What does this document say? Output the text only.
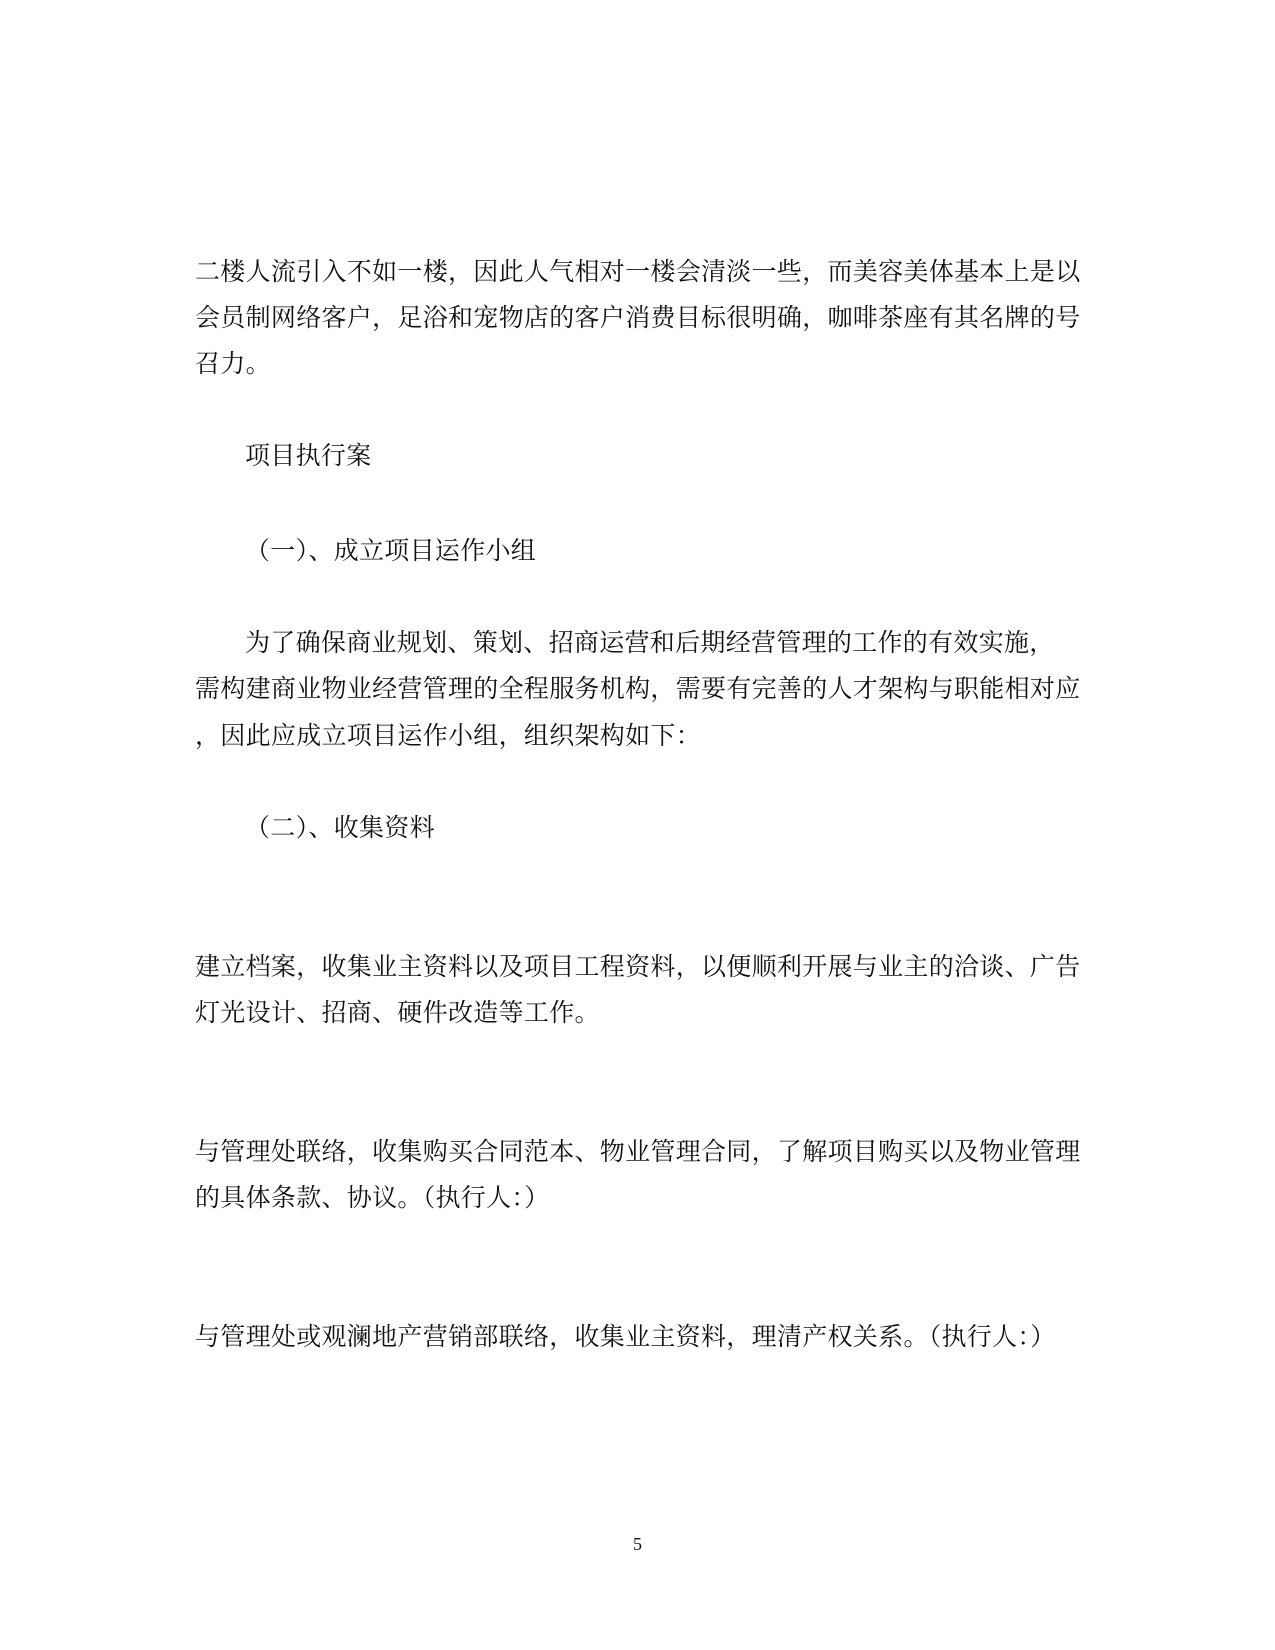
二楼人流引入不如一楼，因此人气相对一楼会清淡一些，而美容美体基本上是以
会员制网络客户，足浴和宠物店的客户消费目标很明确，咖啡茶座有其名牌的号
召力。
项目执行案
（一）、成立项目运作小组
为了确保商业规划、策划、招商运营和后期经营管理的工作的有效实施，
需构建商业物业经营管理的全程服务机构，需要有完善的人才架构与职能相对应
，因此应成立项目运作小组，组织架构如下：
（二）、收集资料
建立档案，收集业主资料以及项目工程资料，以便顺利开展与业主的洽谈、广告
灯光设计、招商、硬件改造等工作。
与管理处联络，收集购买合同范本、物业管理合同，了解项目购买以及物业管理
的具体条款、协议。（执行人：）
与管理处或观澜地产营销部联络，收集业主资料，理清产权关系。（执行人：）
5
